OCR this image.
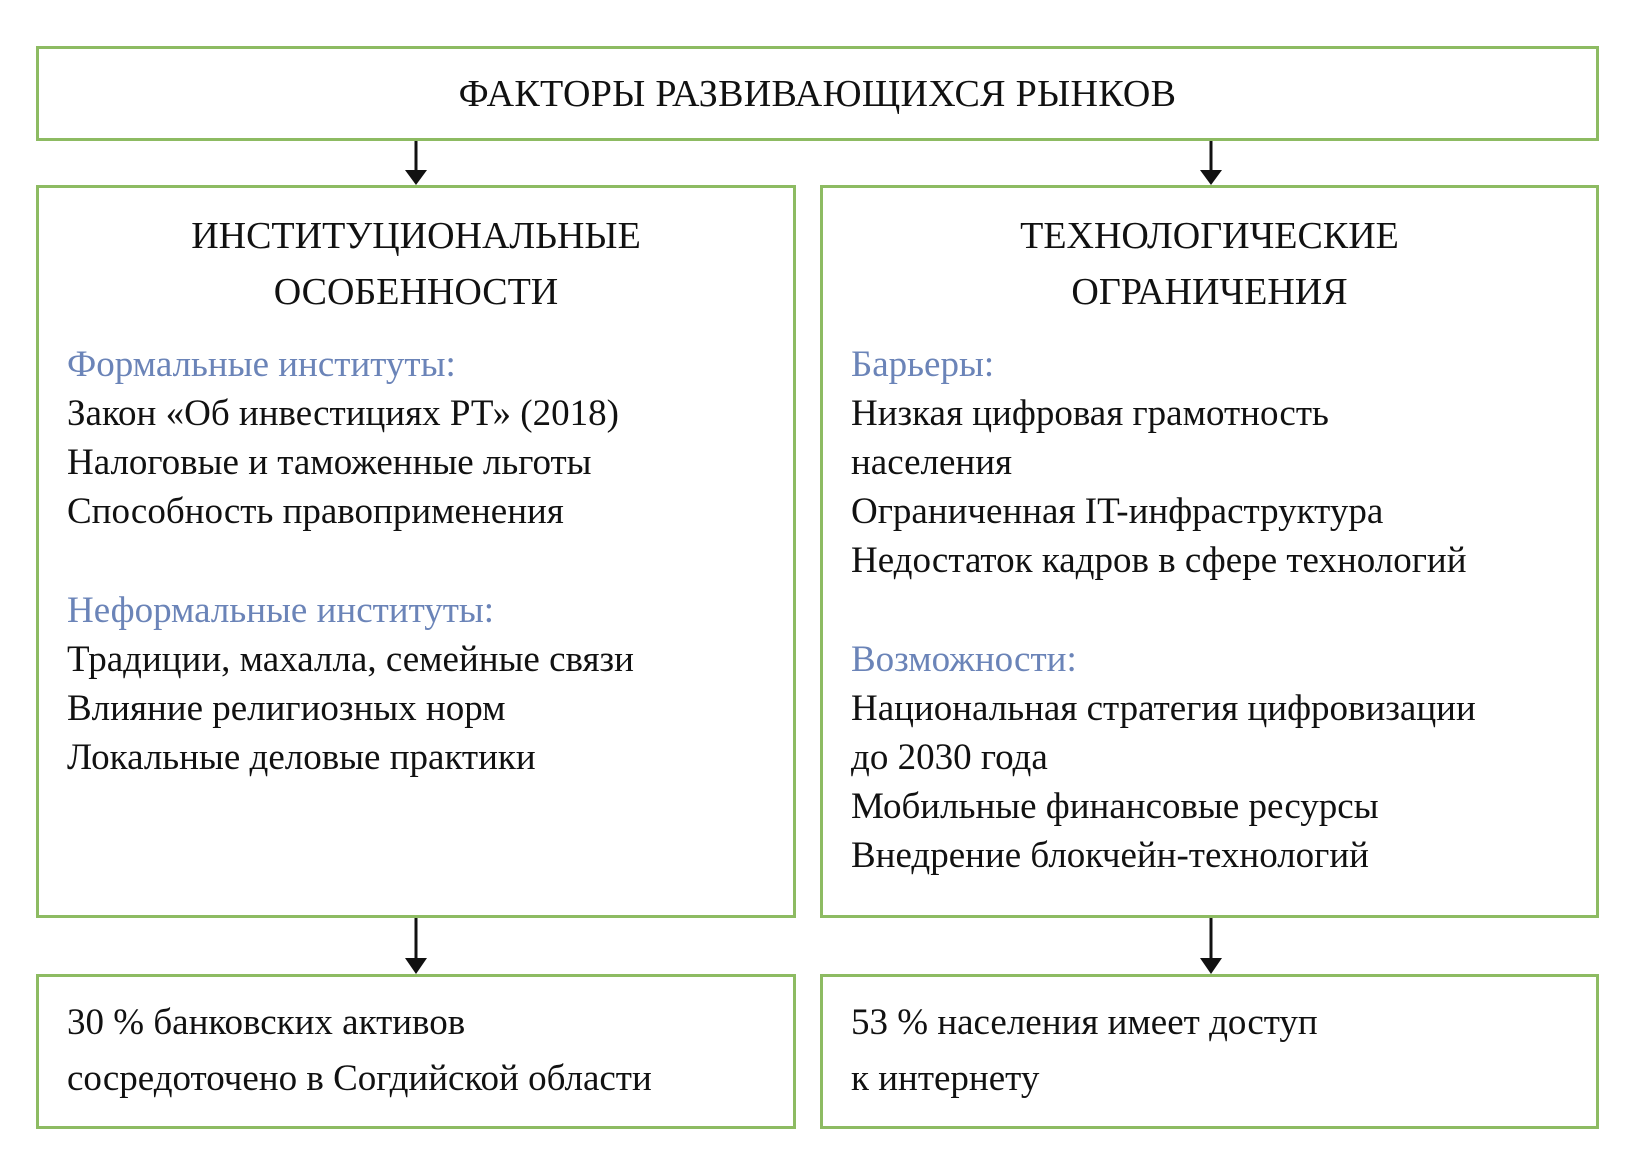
ФАКТОРЫ РАЗВИВАЮЩИХСЯ РЫНКОВ
ИНСТИТУЦИОНАЛЬНЫЕ
ОСОБЕННОСТИ
Формальные институты:
Закон «Об инвестициях РТ» (2018)
Налоговые и таможенные льготы
Способность правоприменения
Неформальные институты:
Традиции, махалла, семейные связи
Влияние религиозных норм
Локальные деловые практики
ТЕХНОЛОГИЧЕСКИЕ
ОГРАНИЧЕНИЯ
Барьеры:
Низкая цифровая грамотность
населения
Ограниченная IT-инфраструктура
Недостаток кадров в сфере технологий
Возможности:
Национальная стратегия цифровизации
до 2030 года
Мобильные финансовые ресурсы
Внедрение блокчейн-технологий
30 % банковских активов
сосредоточено в Согдийской области
53 % населения имеет доступ
к интернету
